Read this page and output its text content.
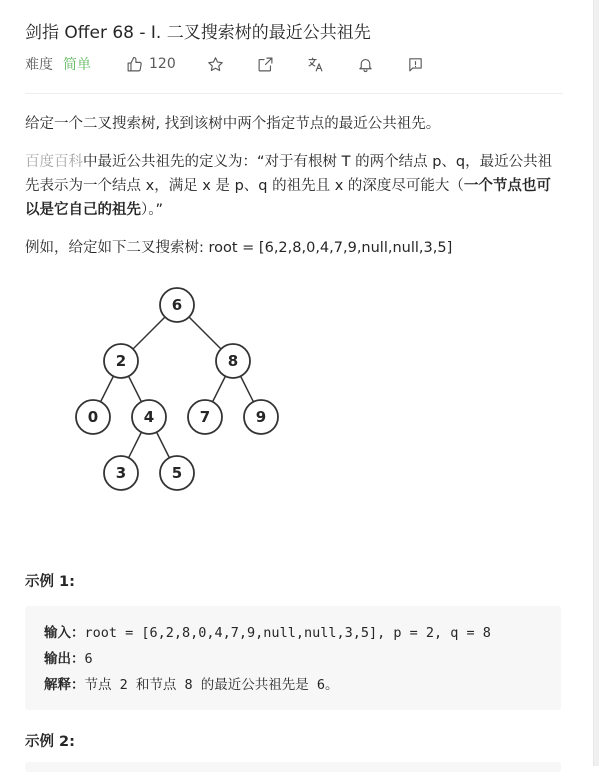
剑指 Offer 68 - I. 二叉搜索树的最近公共祖先
难度 简单	120

给定一个二叉搜索树, 找到该树中两个指定节点的最近公共祖先。

百度百科中最近公共祖先的定义为：“对于有根树 T 的两个结点 p、q，最近公共祖先表示为一个结点 x，满足 x 是 p、q 的祖先且 x 的深度尽可能大（一个节点也可以是它自己的祖先）。”

例如，给定如下二叉搜索树: root = [6,2,8,0,4,7,9,null,null,3,5]

6
2	8
0	4	7	9
3	5
示例 1:
输入：root = [6,2,8,0,4,7,9,null,null,3,5], p = 2, q = 8
输出：6
解释：节点 2 和节点 8 的最近公共祖先是 6。
示例 2:
